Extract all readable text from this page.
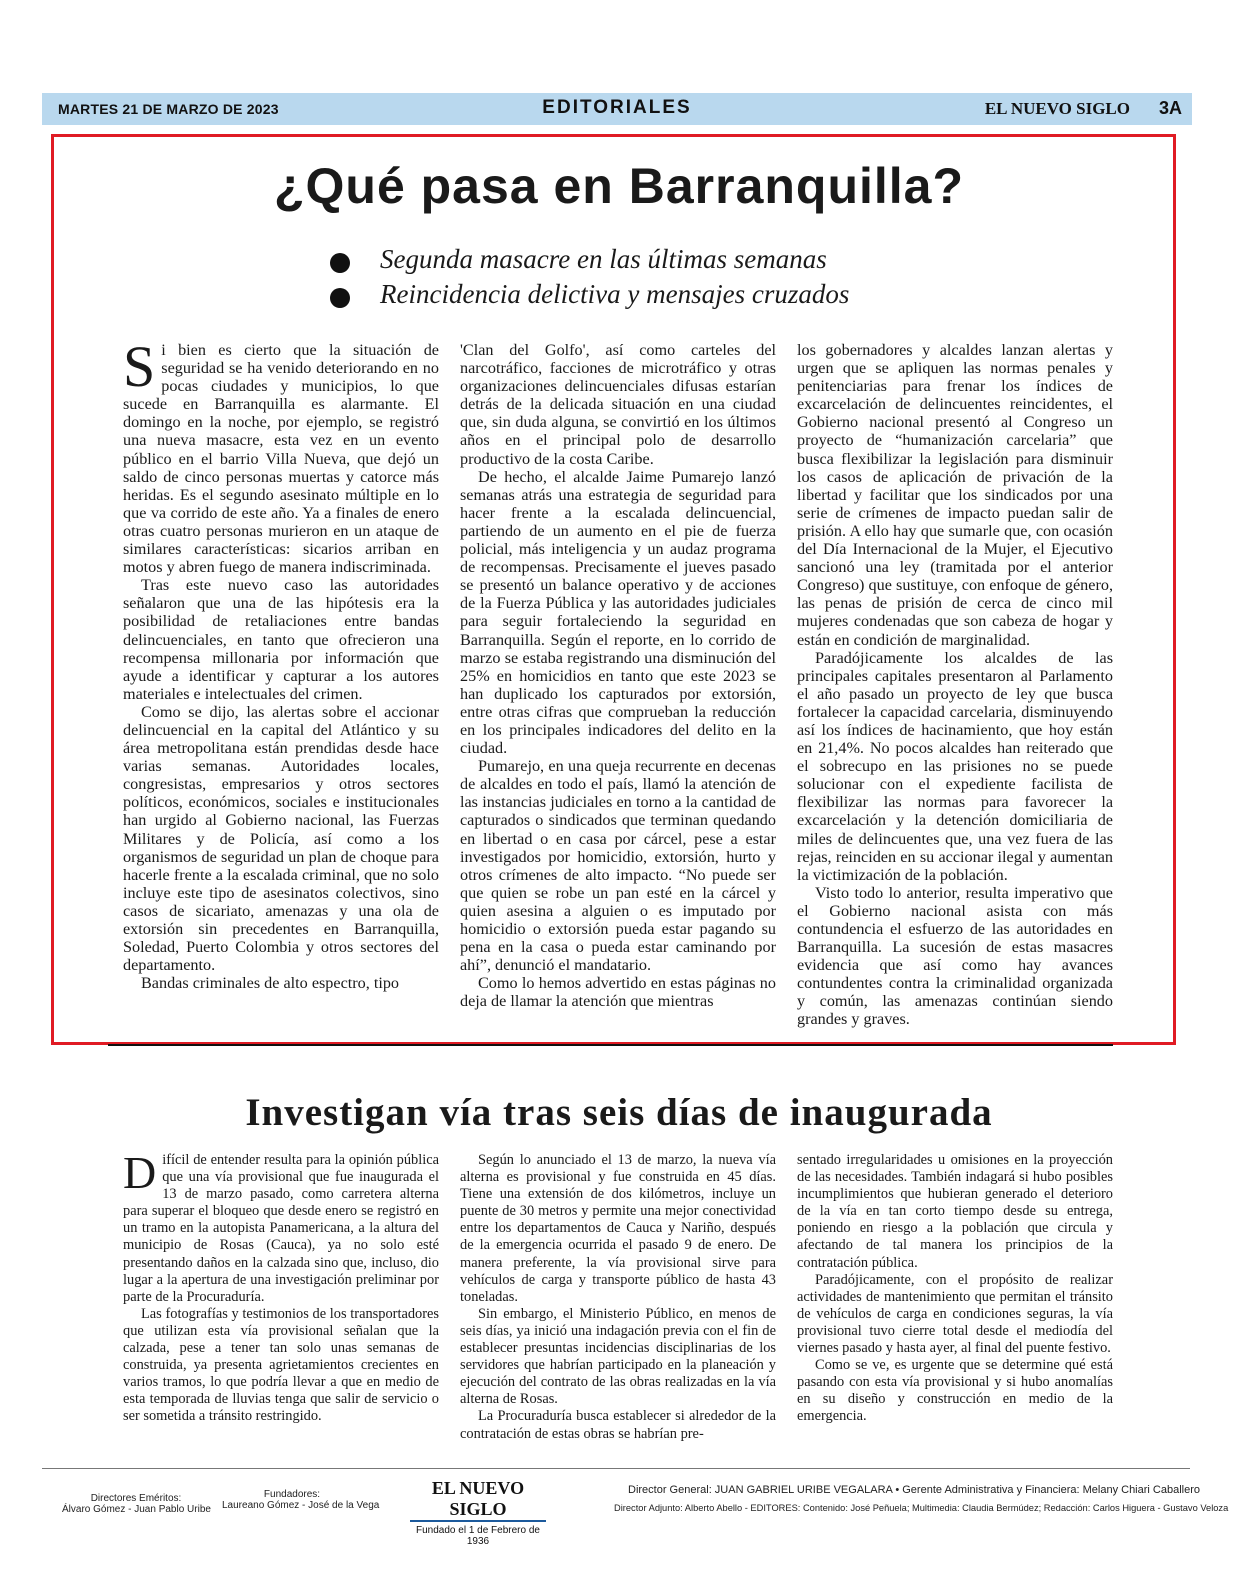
MARTES 21 DE MARZO DE 2023	EDITORIALES	EL NUEVO SIGLO 3A
¿Qué pasa en Barranquilla?
Segunda masacre en las últimas semanas
Reincidencia delictiva y mensajes cruzados

Si bien es cierto que la situación de seguridad se ha venido deteriorando en no pocas ciudades y municipios, lo que sucede en Barranquilla es alarmante. El domingo en la noche, por ejemplo, se registró una nueva masacre, esta vez en un evento público en el barrio Villa Nueva, que dejó un saldo de cinco personas muertas y catorce más heridas. Es el segundo asesinato múltiple en lo que va corrido de este año. Ya a finales de enero otras cuatro personas murieron en un ataque de similares características: sicarios arriban en motos y abren fuego de manera indiscriminada.

Tras este nuevo caso las autoridades señalaron que una de las hipótesis era la posibilidad de retaliaciones entre bandas delincuenciales, en tanto que ofrecieron una recompensa millonaria por información que ayude a identificar y capturar a los autores materiales e intelectuales del crimen.

Como se dijo, las alertas sobre el accionar delincuencial en la capital del Atlántico y su área metropolitana están prendidas desde hace varias semanas. Autoridades locales, congresistas, empresarios y otros sectores políticos, económicos, sociales e institucionales han urgido al Gobierno nacional, las Fuerzas Militares y de Policía, así como a los organismos de seguridad un plan de choque para hacerle frente a la escalada criminal, que no solo incluye este tipo de asesinatos colectivos, sino casos de sicariato, amenazas y una ola de extorsión sin precedentes en Barranquilla, Soledad, Puerto Colombia y otros sectores del departamento.

Bandas criminales de alto espectro, tipo

'Clan del Golfo', así como carteles del narcotráfico, facciones de microtráfico y otras organizaciones delincuenciales difusas estarían detrás de la delicada situación en una ciudad que, sin duda alguna, se convirtió en los últimos años en el principal polo de desarrollo productivo de la costa Caribe.

De hecho, el alcalde Jaime Pumarejo lanzó semanas atrás una estrategia de seguridad para hacer frente a la escalada delincuencial, partiendo de un aumento en el pie de fuerza policial, más inteligencia y un audaz programa de recompensas. Precisamente el jueves pasado se presentó un balance operativo y de acciones de la Fuerza Pública y las autoridades judiciales para seguir fortaleciendo la seguridad en Barranquilla. Según el reporte, en lo corrido de marzo se estaba registrando una disminución del 25% en homicidios en tanto que este 2023 se han duplicado los capturados por extorsión, entre otras cifras que comprueban la reducción en los principales indicadores del delito en la ciudad.

Pumarejo, en una queja recurrente en decenas de alcaldes en todo el país, llamó la atención de las instancias judiciales en torno a la cantidad de capturados o sindicados que terminan quedando en libertad o en casa por cárcel, pese a estar investigados por homicidio, extorsión, hurto y otros crímenes de alto impacto. “No puede ser que quien se robe un pan esté en la cárcel y quien asesina a alguien o es imputado por homicidio o extorsión pueda estar pagando su pena en la casa o pueda estar caminando por ahí”, denunció el mandatario.

Como lo hemos advertido en estas páginas no deja de llamar la atención que mientras

los gobernadores y alcaldes lanzan alertas y urgen que se apliquen las normas penales y penitenciarias para frenar los índices de excarcelación de delincuentes reincidentes, el Gobierno nacional presentó al Congreso un proyecto de “humanización carcelaria” que busca flexibilizar la legislación para disminuir los casos de aplicación de privación de la libertad y facilitar que los sindicados por una serie de crímenes de impacto puedan salir de prisión. A ello hay que sumarle que, con ocasión del Día Internacional de la Mujer, el Ejecutivo sancionó una ley (tramitada por el anterior Congreso) que sustituye, con enfoque de género, las penas de prisión de cerca de cinco mil mujeres condenadas que son cabeza de hogar y están en condición de marginalidad.

Paradójicamente los alcaldes de las principales capitales presentaron al Parlamento el año pasado un proyecto de ley que busca fortalecer la capacidad carcelaria, disminuyendo así los índices de hacinamiento, que hoy están en 21,4%. No pocos alcaldes han reiterado que el sobrecupo en las prisiones no se puede solucionar con el expediente facilista de flexibilizar las normas para favorecer la excarcelación y la detención domiciliaria de miles de delincuentes que, una vez fuera de las rejas, reinciden en su accionar ilegal y aumentan la victimización de la población.

Visto todo lo anterior, resulta imperativo que el Gobierno nacional asista con más contundencia el esfuerzo de las autoridades en Barranquilla. La sucesión de estas masacres evidencia que así como hay avances contundentes contra la criminalidad organizada y común, las amenazas continúan siendo grandes y graves.

Investigan vía tras seis días de inaugurada

Difícil de entender resulta para la opinión pública que una vía provisional que fue inaugurada el 13 de marzo pasado, como carretera alterna para superar el bloqueo que desde enero se registró en un tramo en la autopista Panamericana, a la altura del municipio de Rosas (Cauca), ya no solo esté presentando daños en la calzada sino que, incluso, dio lugar a la apertura de una investigación preliminar por parte de la Procuraduría.

Las fotografías y testimonios de los transportadores que utilizan esta vía provisional señalan que la calzada, pese a tener tan solo unas semanas de construida, ya presenta agrietamientos crecientes en varios tramos, lo que podría llevar a que en medio de esta temporada de lluvias tenga que salir de servicio o ser sometida a tránsito restringido.

Según lo anunciado el 13 de marzo, la nueva vía alterna es provisional y fue construida en 45 días. Tiene una extensión de dos kilómetros, incluye un puente de 30 metros y permite una mejor conectividad entre los departamentos de Cauca y Nariño, después de la emergencia ocurrida el pasado 9 de enero. De manera preferente, la vía provisional sirve para vehículos de carga y transporte público de hasta 43 toneladas.

Sin embargo, el Ministerio Público, en menos de seis días, ya inició una indagación previa con el fin de establecer presuntas incidencias disciplinarias de los servidores que habrían participado en la planeación y ejecución del contrato de las obras realizadas en la vía alterna de Rosas.

La Procuraduría busca establecer si alrededor de la contratación de estas obras se habrían pre-

sentado irregularidades u omisiones en la proyección de las necesidades. También indagará si hubo posibles incumplimientos que hubieran generado el deterioro de la vía en tan corto tiempo desde su entrega, poniendo en riesgo a la población que circula y afectando de tal manera los principios de la contratación pública.

Paradójicamente, con el propósito de realizar actividades de mantenimiento que permitan el tránsito de vehículos de carga en condiciones seguras, la vía provisional tuvo cierre total desde el mediodía del viernes pasado y hasta ayer, al final del puente festivo.

Como se ve, es urgente que se determine qué está pasando con esta vía provisional y si hubo anomalías en su diseño y construcción en medio de la emergencia.

Directores Eméritos:
Álvaro Gómez - Juan Pablo Uribe
Fundadores:
Laureano Gómez - José de la Vega
EL NUEVO SIGLO
Fundado el 1 de Febrero de 1936
Director General: JUAN GABRIEL URIBE VEGALARA • Gerente Administrativa y Financiera: Melany Chiari Caballero
Director Adjunto: Alberto Abello - EDITORES: Contenido: José Peñuela; Multimedia: Claudia Bermúdez; Redacción: Carlos Higuera - Gustavo Veloza
